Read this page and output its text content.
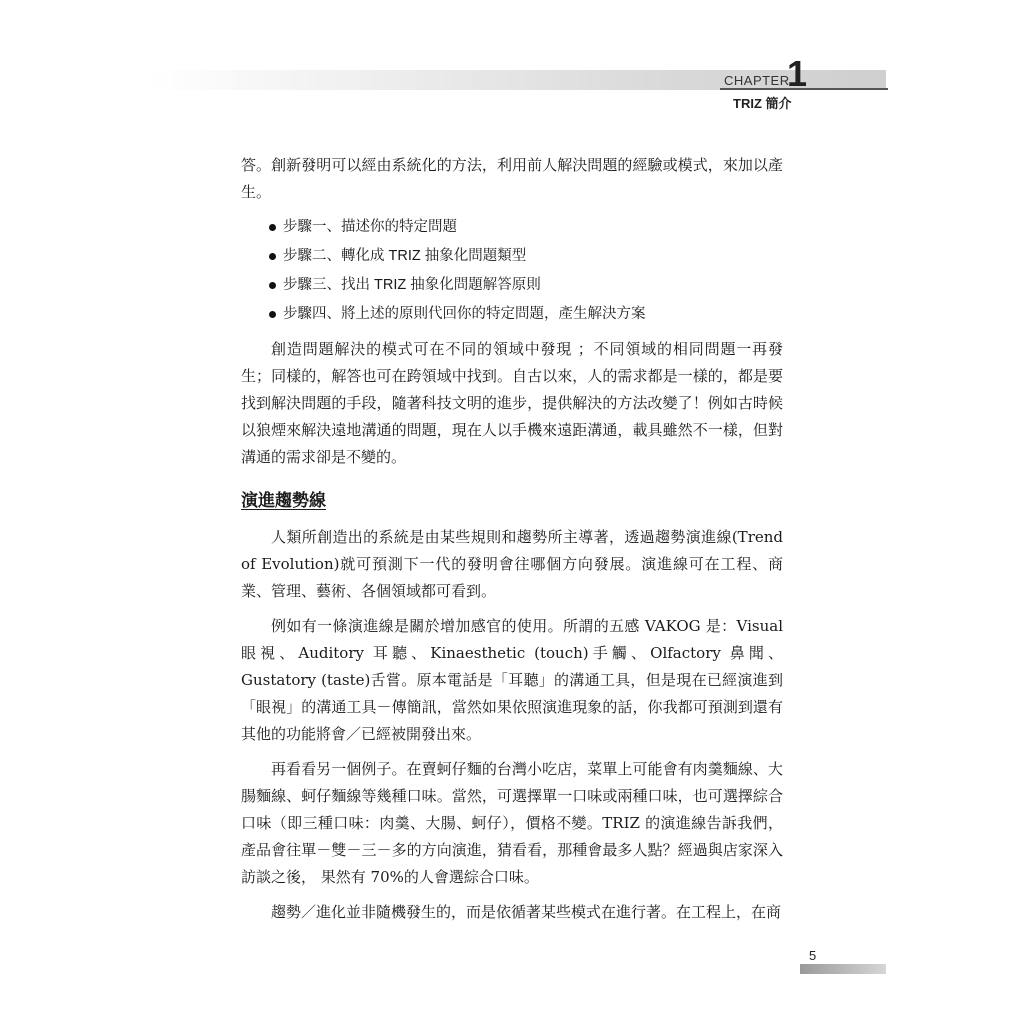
CHAPTER
1
TRIZ 簡介

答。創新發明可以經由系統化的方法，利用前人解決問題的經驗或模式，來加以產生。

步驟一、描述你的特定問題
步驟二、轉化成 TRIZ 抽象化問題類型
步驟三、找出 TRIZ 抽象化問題解答原則
步驟四、將上述的原則代回你的特定問題，產生解決方案

創造問題解決的模式可在不同的領域中發現 ；不同領域的相同問題一再發生；同樣的，解答也可在跨領域中找到。自古以來，人的需求都是一樣的，都是要找到解決問題的手段，隨著科技文明的進步，提供解決的方法改變了！例如古時候以狼煙來解決遠地溝通的問題，現在人以手機來遠距溝通，載具雖然不一樣，但對溝通的需求卻是不變的。

演進趨勢線

人類所創造出的系統是由某些規則和趨勢所主導著，透過趨勢演進線(Trend of Evolution)就可預測下一代的發明會往哪個方向發展。演進線可在工程、商業、管理、藝術、各個領域都可看到。

例如有一條演進線是關於增加感官的使用。所謂的五感 VAKOG 是：Visual 眼視、Auditory 耳聽、Kinaesthetic (touch)手觸、Olfactory 鼻聞、Gustatory (taste)舌嘗。原本電話是「耳聽」的溝通工具，但是現在已經演進到「眼視」的溝通工具－傳簡訊，當然如果依照演進現象的話，你我都可預測到還有其他的功能將會／已經被開發出來。

再看看另一個例子。在賣蚵仔麵的台灣小吃店，菜單上可能會有肉羹麵線、大腸麵線、蚵仔麵線等幾種口味。當然，可選擇單一口味或兩種口味，也可選擇綜合口味（即三種口味：肉羹、大腸、蚵仔），價格不變。TRIZ 的演進線告訴我們，產品會往單－雙－三－多的方向演進，猜看看，那種會最多人點？經過與店家深入訪談之後， 果然有 70%的人會選綜合口味。

趨勢／進化並非隨機發生的，而是依循著某些模式在進行著。在工程上，在商

5
